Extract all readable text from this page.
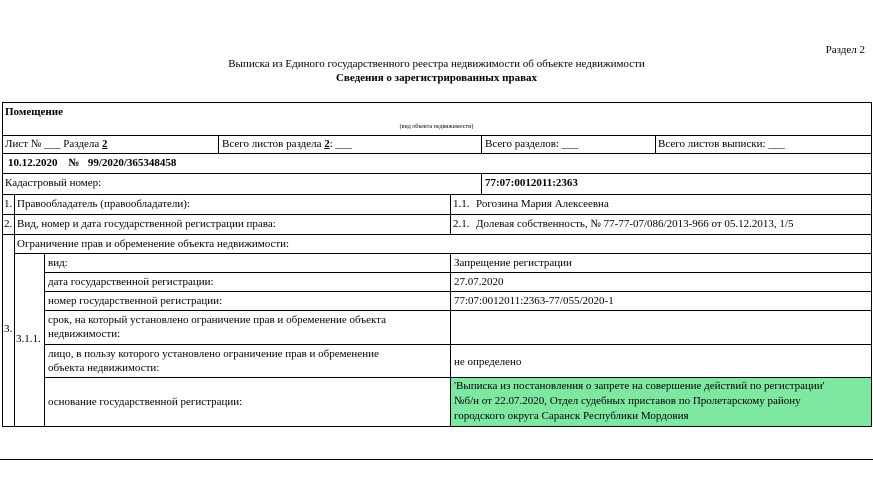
Раздел 2
Выписка из Единого государственного реестра недвижимости об объекте недвижимости
Сведения о зарегистрированных правах
Помещение
(вид объекта недвижимости)
Лист № ___ Раздела 2	Всего листов раздела 2: ___	Всего разделов: ___	Всего листов выписки: ___
10.12.2020 № 99/2020/365348458
Кадастровый номер:	77:07:0012011:2363
1. Правообладатель (правообладатели):	1.1. Рогозина Мария Алексеевна
2. Вид, номер и дата государственной регистрации права:	2.1. Долевая собственность, № 77-77-07/086/2013-966 от 05.12.2013, 1/5
3.
Ограничение прав и обременение объекта недвижимости:
3.1.1.
вид:	Запрещение регистрации
дата государственной регистрации:	27.07.2020
номер государственной регистрации:	77:07:0012011:2363-77/055/2020-1
срок, на который установлено ограничение прав и обременение объекта
недвижимости:
лицо, в пользу которого установлено ограничение прав и обременение
объекта недвижимости:	не определено
основание государственной регистрации:
'Выписка из постановления о запрете на совершение действий по регистрации'
№б/н от 22.07.2020, Отдел судебных приставов по Пролетарскому району
городского округа Саранск Республики Мордовия
